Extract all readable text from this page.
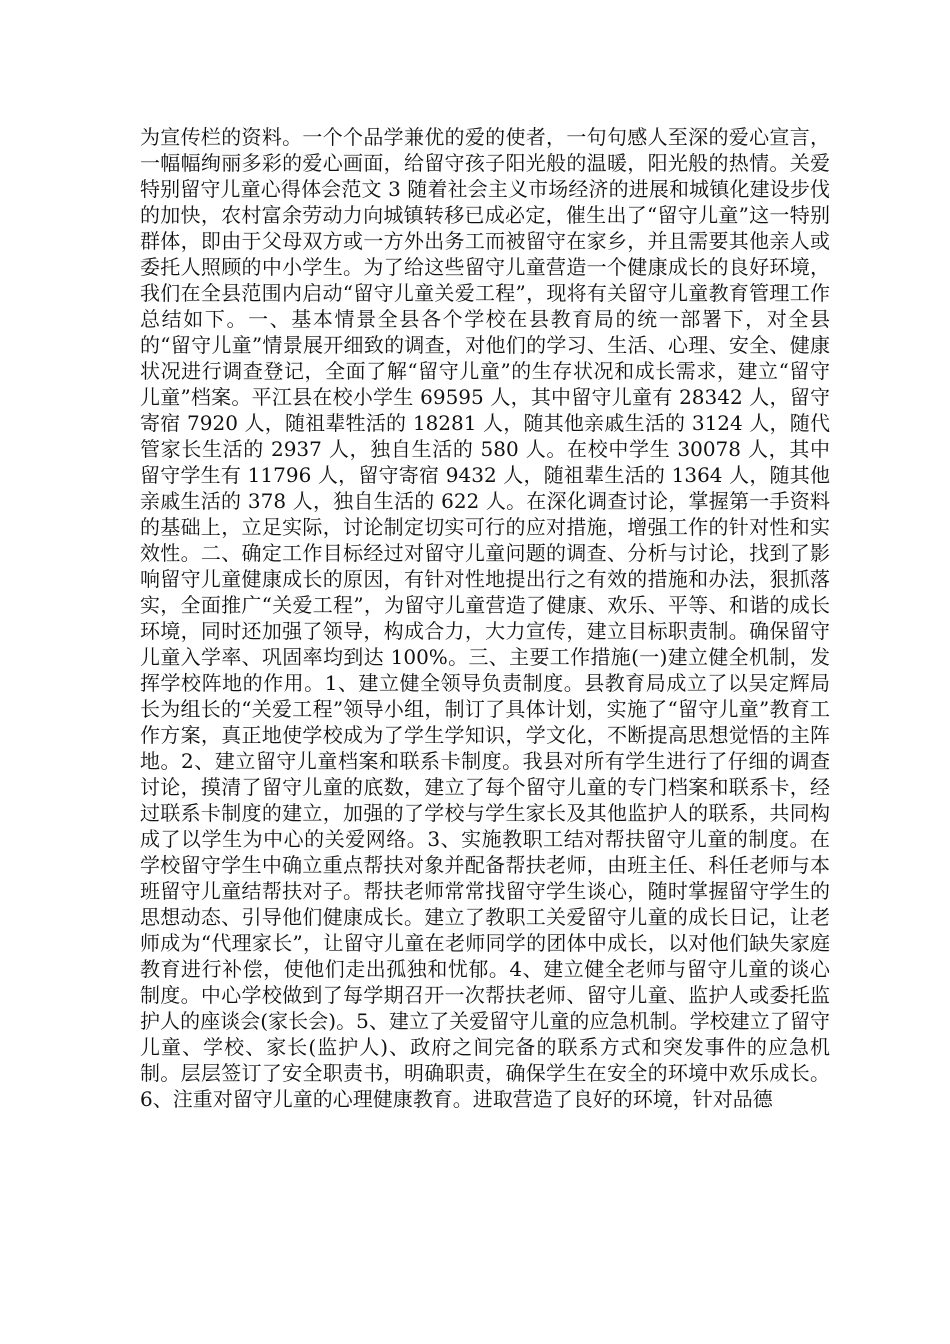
为宣传栏的资料。一个个品学兼优的爱的使者，一句句感人至深的爱心宣言，一幅幅绚丽多彩的爱心画面，给留守孩子阳光般的温暖，阳光般的热情。关爱特别留守儿童心得体会范文 3 随着社会主义市场经济的进展和城镇化建设步伐的加快，农村富余劳动力向城镇转移已成必定，催生出了“留守儿童”这一特别群体，即由于父母双方或一方外出务工而被留守在家乡，并且需要其他亲人或委托人照顾的中小学生。为了给这些留守儿童营造一个健康成长的良好环境，我们在全县范围内启动“留守儿童关爱工程”，现将有关留守儿童教育管理工作总结如下。一、基本情景全县各个学校在县教育局的统一部署下，对全县的“留守儿童”情景展开细致的调查，对他们的学习、生活、心理、安全、健康状况进行调查登记，全面了解“留守儿童”的生存状况和成长需求，建立“留守儿童”档案。平江县在校小学生 69595 人，其中留守儿童有 28342 人，留守寄宿 7920 人，随祖辈牲活的 18281 人，随其他亲戚生活的 3124 人，随代管家长生活的 2937 人，独自生活的 580 人。在校中学生 30078 人，其中留守学生有 11796 人，留守寄宿 9432 人，随祖辈生活的 1364 人，随其他亲戚生活的 378 人，独自生活的 622 人。在深化调查讨论，掌握第一手资料的基础上，立足实际，讨论制定切实可行的应对措施，增强工作的针对性和实效性。二、确定工作目标经过对留守儿童问题的调查、分析与讨论，找到了影响留守儿童健康成长的原因，有针对性地提出行之有效的措施和办法，狠抓落实，全面推广“关爱工程”，为留守儿童营造了健康、欢乐、平等、和谐的成长环境，同时还加强了领导，构成合力，大力宣传，建立目标职责制。确保留守儿童入学率、巩固率均到达 100%。三、主要工作措施(一)建立健全机制，发挥学校阵地的作用。1、建立健全领导负责制度。县教育局成立了以吴定辉局长为组长的“关爱工程”领导小组，制订了具体计划，实施了“留守儿童”教育工作方案，真正地使学校成为了学生学知识，学文化，不断提高思想觉悟的主阵地。2、建立留守儿童档案和联系卡制度。我县对所有学生进行了仔细的调查讨论，摸清了留守儿童的底数，建立了每个留守儿童的专门档案和联系卡，经过联系卡制度的建立，加强的了学校与学生家长及其他监护人的联系，共同构成了以学生为中心的关爱网络。3、实施教职工结对帮扶留守儿童的制度。在学校留守学生中确立重点帮扶对象并配备帮扶老师，由班主任、科任老师与本班留守儿童结帮扶对子。帮扶老师常常找留守学生谈心，随时掌握留守学生的思想动态、引导他们健康成长。建立了教职工关爱留守儿童的成长日记，让老师成为“代理家长”，让留守儿童在老师同学的团体中成长，以对他们缺失家庭教育进行补偿，使他们走出孤独和忧郁。4、建立健全老师与留守儿童的谈心制度。中心学校做到了每学期召开一次帮扶老师、留守儿童、监护人或委托监护人的座谈会(家长会)。5、建立了关爱留守儿童的应急机制。学校建立了留守儿童、学校、家长(监护人)、政府之间完备的联系方式和突发事件的应急机制。层层签订了安全职责书，明确职责，确保学生在安全的环境中欢乐成长。6、注重对留守儿童的心理健康教育。进取营造了良好的环境，针对品德
